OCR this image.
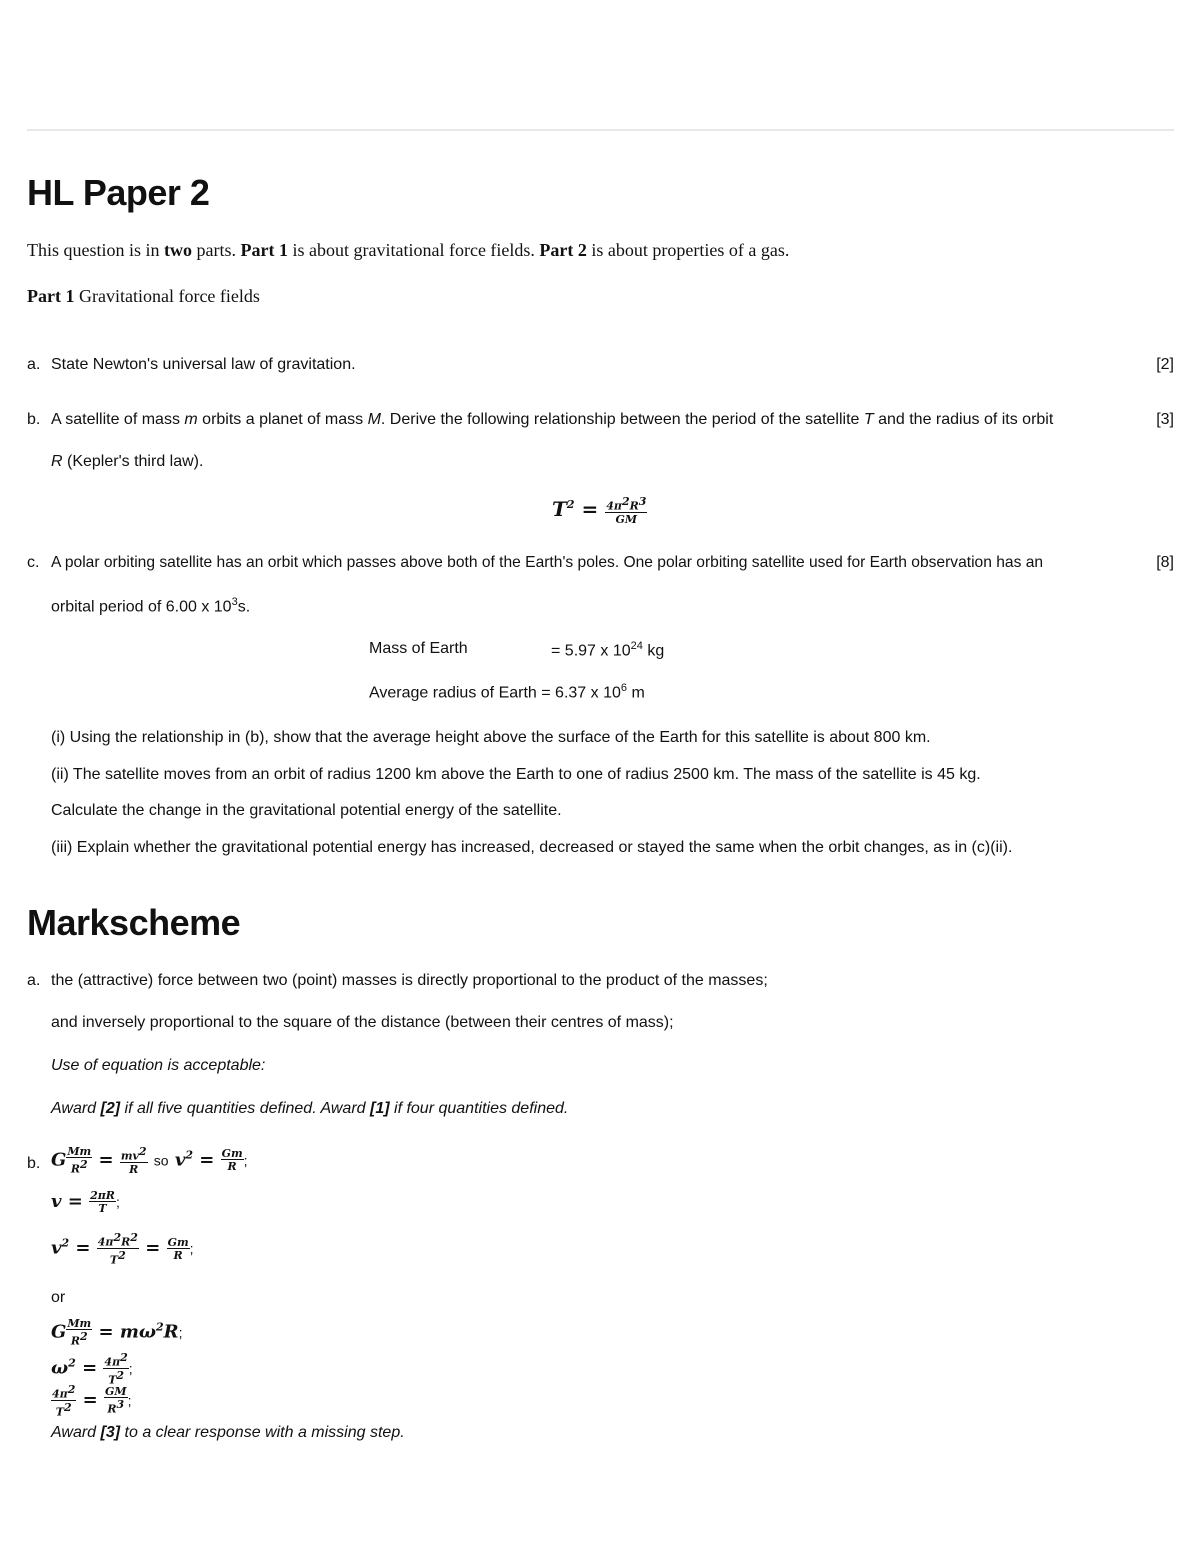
HL Paper 2
This question is in two parts. Part 1 is about gravitational force fields. Part 2 is about properties of a gas.
Part 1 Gravitational force fields
a. State Newton's universal law of gravitation.	[2]
b. A satellite of mass m orbits a planet of mass M. Derive the following relationship between the period of the satellite T and the radius of its orbit	[3]
R (Kepler's third law).
$T^2 = \frac{4\pi^2R^3}{GM}$
c. A polar orbiting satellite has an orbit which passes above both of the Earth's poles. One polar orbiting satellite used for Earth observation has an	[8]
orbital period of 6.00 x $10^3s$.
Mass of Earth	= 5.97 x $10^{24}$ kg
Average radius of Earth = 6.37 x $10^6$ m
(i) Using the relationship in (b), show that the average height above the surface of the Earth for this satellite is about 800 km.
(ii) The satellite moves from an orbit of radius 1200 km above the Earth to one of radius 2500 km. The mass of the satellite is 45 kg.
Calculate the change in the gravitational potential energy of the satellite.
(iii) Explain whether the gravitational potential energy has increased, decreased or stayed the same when the orbit changes, as in (c)(ii).
Markscheme
a. the (attractive) force between two (point) masses is directly proportional to the product of the masses;
and inversely proportional to the square of the distance (between their centres of mass);
Use of equation is acceptable:
Award [2] if all five quantities defined. Award [1] if four quantities defined.
b. G $\frac{Mm}{R^2} = \frac{mv^2}{R}$ so $v^2 = \frac{Gm}{R}$ ;
$v = \frac{2\pi R}{T}$ ;
$v^2 = \frac{4\pi^2R^2}{T^2} = \frac{Gm}{R}$ ;
or
G $\frac{Mm}{R^2} = m\omega^2R$;
$\omega^2 = \frac{4\pi^2}{T^2}$ ;
$\frac{4\pi^2}{T^2} = \frac{GM}{R^3}$ ;
Award [3] to a clear response with a missing step.
